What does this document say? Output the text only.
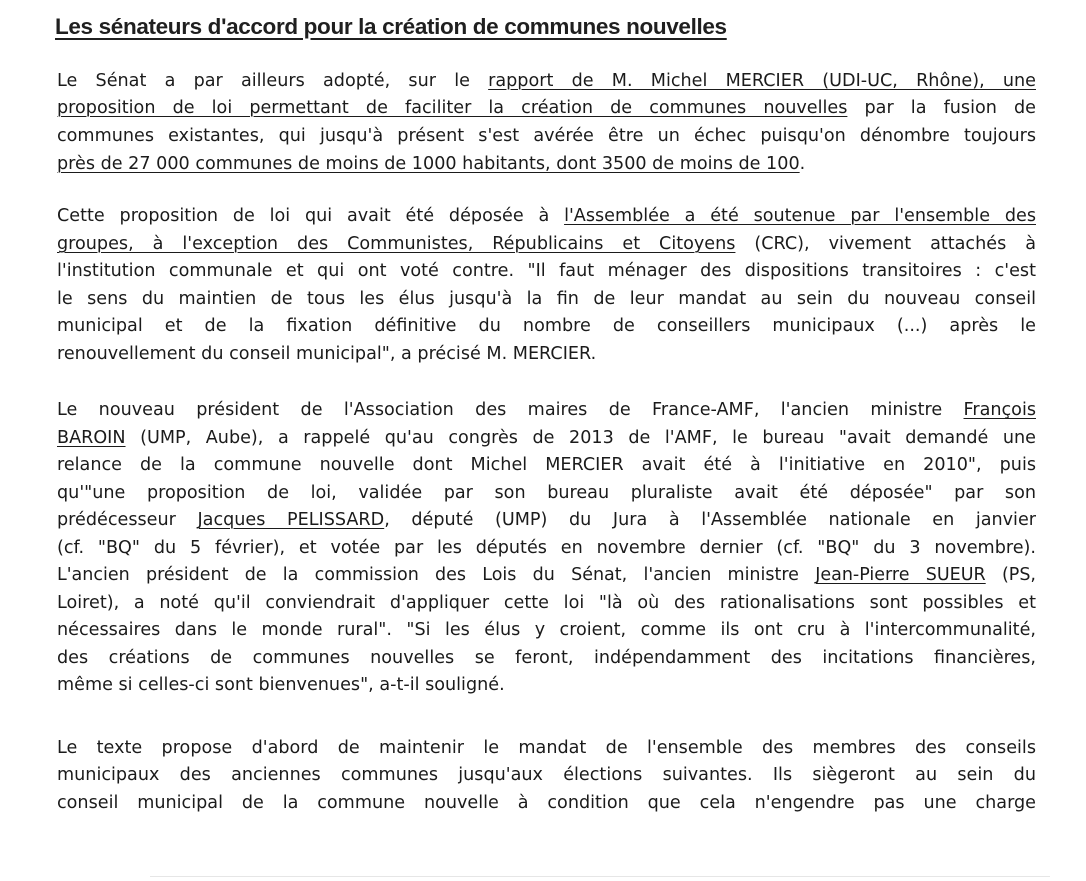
Les sénateurs d'accord pour la création de communes nouvelles
Le Sénat a par ailleurs adopté, sur le rapport de M. Michel MERCIER (UDI-UC, Rhône), une
proposition de loi permettant de faciliter la création de communes nouvelles par la fusion de
communes existantes, qui jusqu'à présent s'est avérée être un échec puisqu'on dénombre toujours
près de 27 000 communes de moins de 1000 habitants, dont 3500 de moins de 100.
Cette proposition de loi qui avait été déposée à l'Assemblée a été soutenue par l'ensemble des
groupes, à l'exception des Communistes, Républicains et Citoyens (CRC), vivement attachés à
l'institution communale et qui ont voté contre. "Il faut ménager des dispositions transitoires : c'est
le sens du maintien de tous les élus jusqu'à la fin de leur mandat au sein du nouveau conseil
municipal et de la fixation définitive du nombre de conseillers municipaux (...) après le
renouvellement du conseil municipal", a précisé M. MERCIER.
Le nouveau président de l'Association des maires de France-AMF, l'ancien ministre François
BAROIN (UMP, Aube), a rappelé qu'au congrès de 2013 de l'AMF, le bureau "avait demandé une
relance de la commune nouvelle dont Michel MERCIER avait été à l'initiative en 2010", puis
qu'"une proposition de loi, validée par son bureau pluraliste avait été déposée" par son
prédécesseur Jacques PELISSARD, député (UMP) du Jura à l'Assemblée nationale en janvier
(cf. "BQ" du 5 février), et votée par les députés en novembre dernier (cf. "BQ" du 3 novembre).
L'ancien président de la commission des Lois du Sénat, l'ancien ministre Jean-Pierre SUEUR (PS,
Loiret), a noté qu'il conviendrait d'appliquer cette loi "là où des rationalisations sont possibles et
nécessaires dans le monde rural". "Si les élus y croient, comme ils ont cru à l'intercommunalité,
des créations de communes nouvelles se feront, indépendamment des incitations financières,
même si celles-ci sont bienvenues", a-t-il souligné.
Le texte propose d'abord de maintenir le mandat de l'ensemble des membres des conseils
municipaux des anciennes communes jusqu'aux élections suivantes. Ils siègeront au sein du
conseil municipal de la commune nouvelle à condition que cela n'engendre pas une charge
